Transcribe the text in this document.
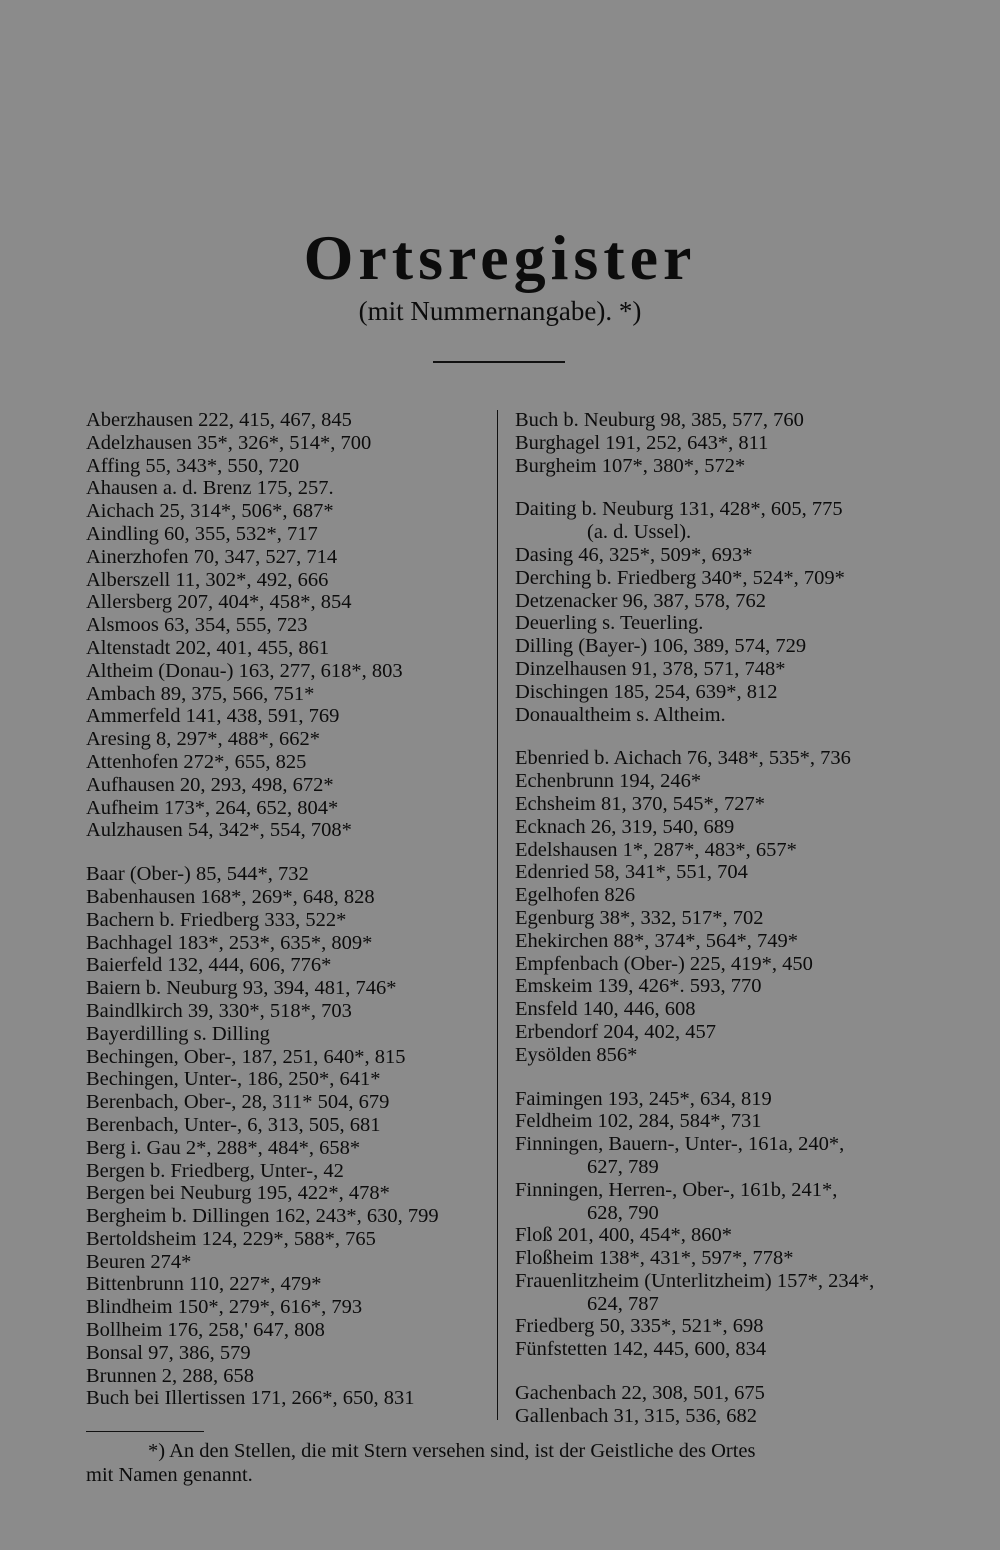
Ortsregister
(mit Nummernangabe). *)
Aberzhausen 222, 415, 467, 845
Adelzhausen 35*, 326*, 514*, 700
Affing 55, 343*, 550, 720
Ahausen a. d. Brenz 175, 257.
Aichach 25, 314*, 506*, 687*
Aindling 60, 355, 532*, 717
Ainerzhofen 70, 347, 527, 714
Alberszell 11, 302*, 492, 666
Allersberg 207, 404*, 458*, 854
Alsmoos 63, 354, 555, 723
Altenstadt 202, 401, 455, 861
Altheim (Donau-) 163, 277, 618*, 803
Ambach 89, 375, 566, 751*
Ammerfeld 141, 438, 591, 769
Aresing 8, 297*, 488*, 662*
Attenhofen 272*, 655, 825
Aufhausen 20, 293, 498, 672*
Aufheim 173*, 264, 652, 804*
Aulzhausen 54, 342*, 554, 708*
Baar (Ober-) 85, 544*, 732
Babenhausen 168*, 269*, 648, 828
Bachern b. Friedberg 333, 522*
Bachhagel 183*, 253*, 635*, 809*
Baierfeld 132, 444, 606, 776*
Baiern b. Neuburg 93, 394, 481, 746*
Baindlkirch 39, 330*, 518*, 703
Bayerdilling s. Dilling
Bechingen, Ober-, 187, 251, 640*, 815
Bechingen, Unter-, 186, 250*, 641*
Berenbach, Ober-, 28, 311* 504, 679
Berenbach, Unter-, 6, 313, 505, 681
Berg i. Gau 2*, 288*, 484*, 658*
Bergen b. Friedberg, Unter-, 42
Bergen bei Neuburg 195, 422*, 478*
Bergheim b. Dillingen 162, 243*, 630, 799
Bertoldsheim 124, 229*, 588*, 765
Beuren 274*
Bittenbrunn 110, 227*, 479*
Blindheim 150*, 279*, 616*, 793
Bollheim 176, 258,' 647, 808
Bonsal 97, 386, 579
Brunnen 2, 288, 658
Buch bei Illertissen 171, 266*, 650, 831
Buch b. Neuburg 98, 385, 577, 760
Burghagel 191, 252, 643*, 811
Burgheim 107*, 380*, 572*
Daiting b. Neuburg 131, 428*, 605, 775
(a. d. Ussel).
Dasing 46, 325*, 509*, 693*
Derching b. Friedberg 340*, 524*, 709*
Detzenacker 96, 387, 578, 762
Deuerling s. Teuerling.
Dilling (Bayer-) 106, 389, 574, 729
Dinzelhausen 91, 378, 571, 748*
Dischingen 185, 254, 639*, 812
Donaualtheim s. Altheim.
Ebenried b. Aichach 76, 348*, 535*, 736
Echenbrunn 194, 246*
Echsheim 81, 370, 545*, 727*
Ecknach 26, 319, 540, 689
Edelshausen 1*, 287*, 483*, 657*
Edenried 58, 341*, 551, 704
Egelhofen 826
Egenburg 38*, 332, 517*, 702
Ehekirchen 88*, 374*, 564*, 749*
Empfenbach (Ober-) 225, 419*, 450
Emskeim 139, 426*. 593, 770
Ensfeld 140, 446, 608
Erbendorf 204, 402, 457
Eysölden 856*
Faimingen 193, 245*, 634, 819
Feldheim 102, 284, 584*, 731
Finningen, Bauern-, Unter-, 161a, 240*,
627, 789
Finningen, Herren-, Ober-, 161b, 241*,
628, 790
Floß 201, 400, 454*, 860*
Floßheim 138*, 431*, 597*, 778*
Frauenlitzheim (Unterlitzheim) 157*, 234*,
624, 787
Friedberg 50, 335*, 521*, 698
Fünfstetten 142, 445, 600, 834
Gachenbach 22, 308, 501, 675
Gallenbach 31, 315, 536, 682
*) An den Stellen, die mit Stern versehen sind, ist der Geistliche des Ortes
mit Namen genannt.
